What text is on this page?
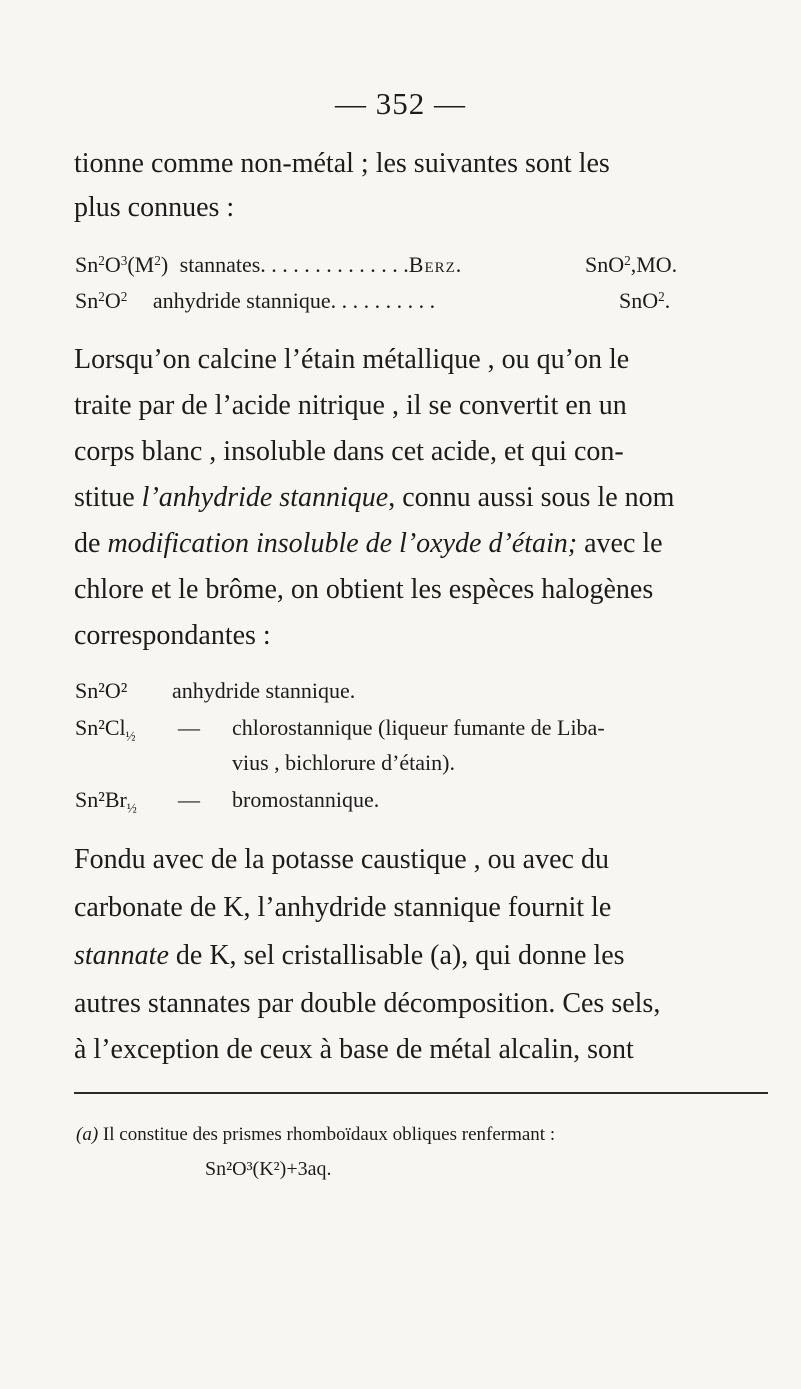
— 352 —
tionne comme non-métal ; les suivantes sont les
plus connues :
$Sn^2O^3(M^2)$ stannates. . . . . . . . . . . . . .Berz.	SnO$^2$,MO.
$Sn^2O^2$ anhydride stannique. . . . . . . . . .	SnO$^2$.
Lorsqu’on calcine l’étain métallique , ou qu’on le
traite par de l’acide nitrique , il se convertit en un
corps blanc , insoluble dans cet acide, et qui con-
stitue l’anhydride stannique, connu aussi sous le nom
de modification insoluble de l’oxyde d’étain; avec le
chlore et le brôme, on obtient les espèces halogènes
correspondantes :
Sn²O² anhydride stannique.
$Sn^2Cl_{\frac{1}{2}}$ — chlorostannique (liqueur fumante de Liba-
vius , bichlorure d’étain).
$Sn^2Br_{\frac{1}{2}}$ — bromostannique.
Fondu avec de la potasse caustique , ou avec du
carbonate de K, l’anhydride stannique fournit le
stannate de K, sel cristallisable (a), qui donne les
autres stannates par double décomposition. Ces sels,
à l’exception de ceux à base de métal alcalin, sont
(a) Il constitue des prismes rhomboïdaux obliques renfermant :
Sn²O³(K²)+3aq.
